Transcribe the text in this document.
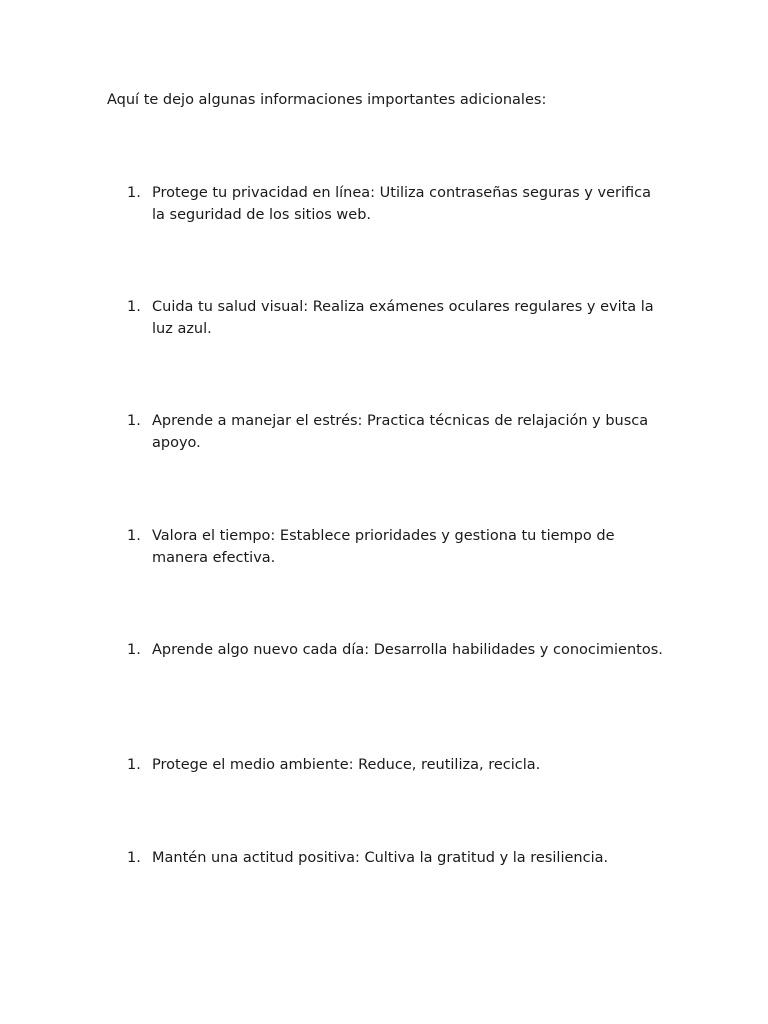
Aquí te dejo algunas informaciones importantes adicionales:

1. Protege tu privacidad en línea: Utiliza contraseñas seguras y verifica la seguridad de los sitios web.
1. Cuida tu salud visual: Realiza exámenes oculares regulares y evita la luz azul.
1. Aprende a manejar el estrés: Practica técnicas de relajación y busca apoyo.
1. Valora el tiempo: Establece prioridades y gestiona tu tiempo de manera efectiva.
1. Aprende algo nuevo cada día: Desarrolla habilidades y conocimientos.
1. Protege el medio ambiente: Reduce, reutiliza, recicla.
1. Mantén una actitud positiva: Cultiva la gratitud y la resiliencia.
